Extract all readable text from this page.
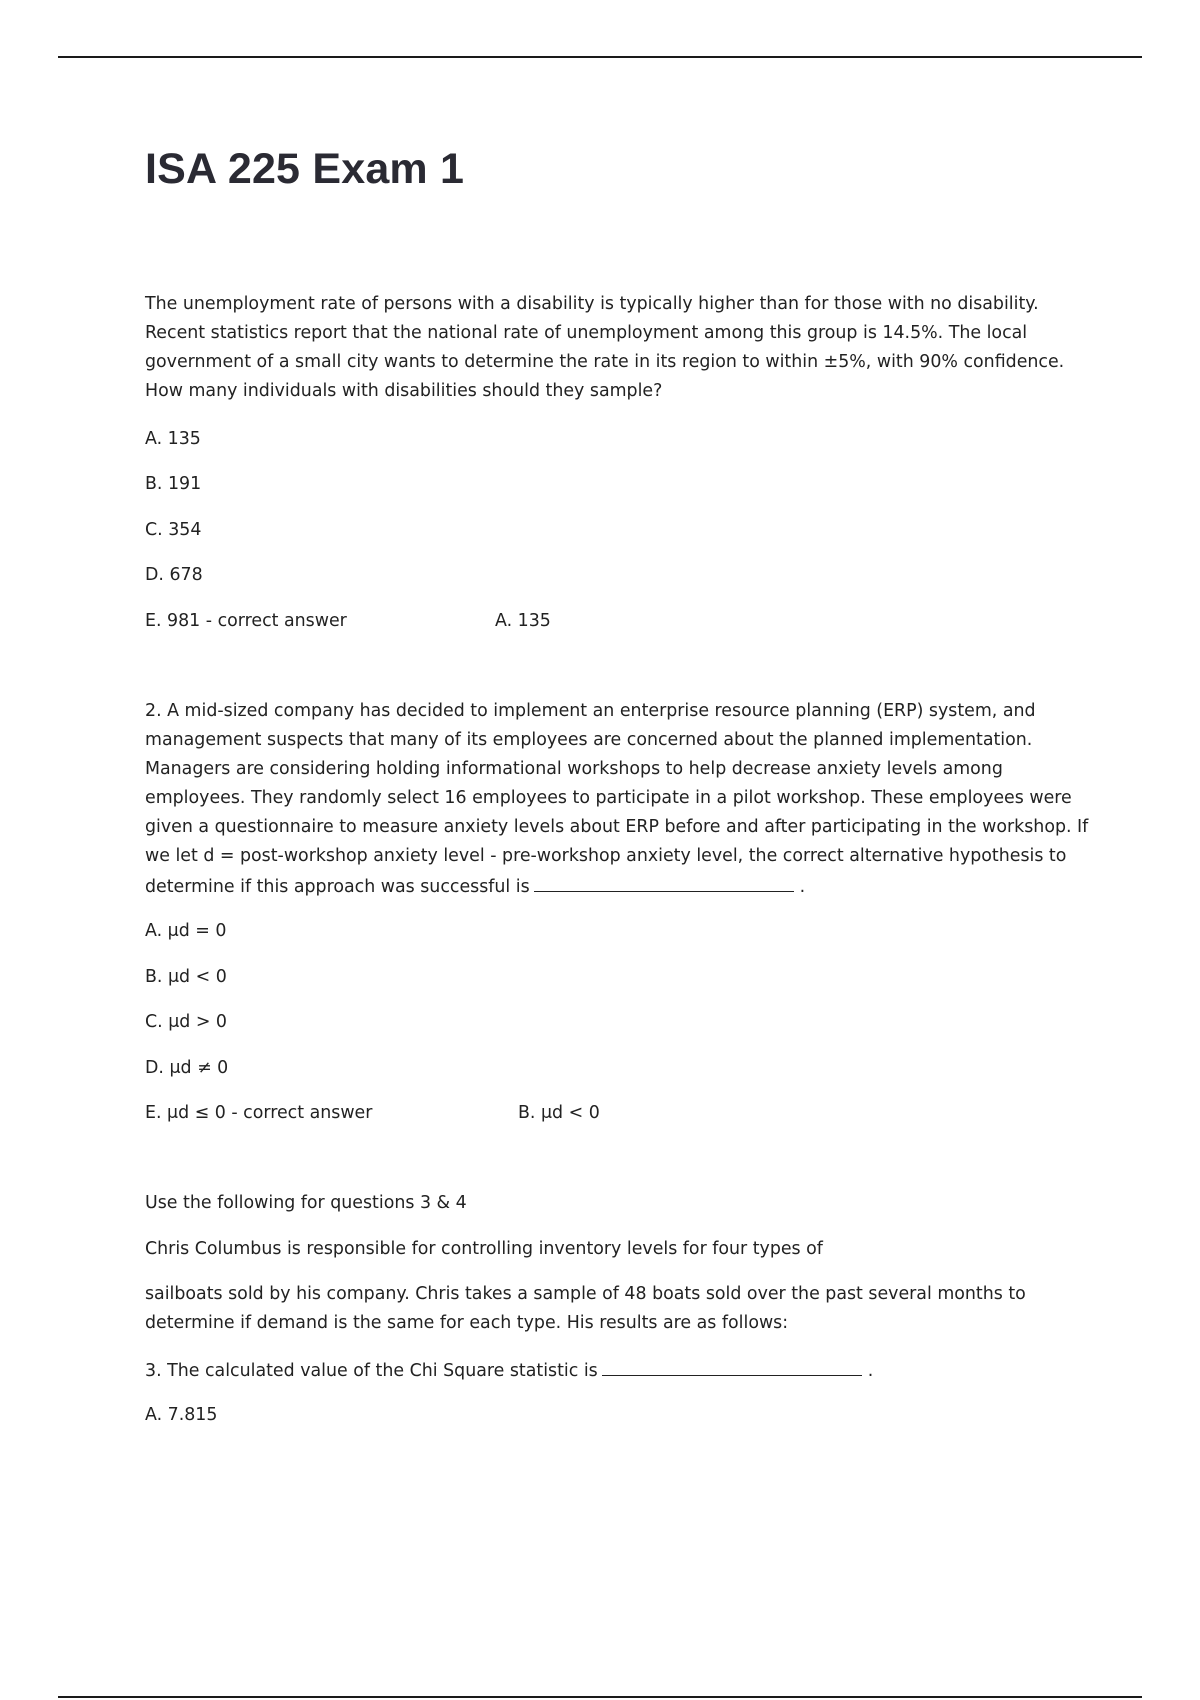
ISA 225 Exam 1

The unemployment rate of persons with a disability is typically higher than for those with no disability. Recent statistics report that the national rate of unemployment among this group is 14.5%. The local government of a small city wants to determine the rate in its region to within ±5%, with 90% confidence. How many individuals with disabilities should they sample?

A. 135

B. 191

C. 354

D. 678

E. 981 - correct answer	A. 135

2. A mid-sized company has decided to implement an enterprise resource planning (ERP) system, and management suspects that many of its employees are concerned about the planned implementation. Managers are considering holding informational workshops to help decrease anxiety levels among employees. They randomly select 16 employees to participate in a pilot workshop. These employees were given a questionnaire to measure anxiety levels about ERP before and after participating in the workshop. If we let d = post-workshop anxiety level - pre-workshop anxiety level, the correct alternative hypothesis to determine if this approach was successful is	.

A. μd = 0

B. μd < 0

C. μd > 0

D. μd ≠ 0

E. μd ≤ 0 - correct answer	B. μd < 0

Use the following for questions 3 & 4

Chris Columbus is responsible for controlling inventory levels for four types of

sailboats sold by his company. Chris takes a sample of 48 boats sold over the past several months to determine if demand is the same for each type. His results are as follows:

3. The calculated value of the Chi Square statistic is	.

A. 7.815
